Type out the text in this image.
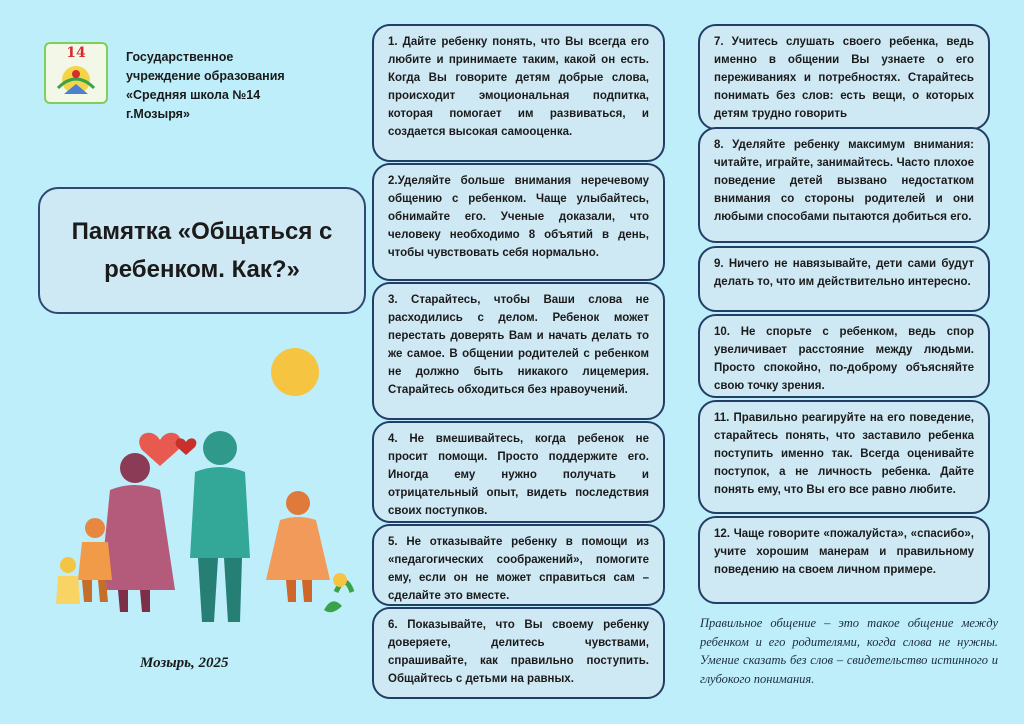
14	Государственное
учреждение образования
«Средняя школа №14
г.Мозыря»
Памятка «Общаться с ребенком. Как?»
Мозырь, 2025
1. Дайте ребенку понять, что Вы всегда его любите и принимаете таким, какой он есть. Когда Вы говорите детям добрые слова, происходит эмоциональная подпитка, которая помогает им развиваться, и создается высокая самооценка.
2.Уделяйте больше внимания неречевому общению с ребенком. Чаще улыбайтесь, обнимайте его. Ученые доказали, что человеку необходимо 8 объятий в день, чтобы чувствовать себя нормально.
3. Старайтесь, чтобы Ваши слова не расходились с делом. Ребенок может перестать доверять Вам и начать делать то же самое. В общении родителей с ребенком не должно быть никакого лицемерия. Старайтесь обходиться без нравоучений.
4. Не вмешивайтесь, когда ребенок не просит помощи. Просто поддержите его. Иногда ему нужно получать и отрицательный опыт, видеть последствия своих поступков.
5. Не отказывайте ребенку в помощи из «педагогических соображений», помогите ему, если он не может справиться сам – сделайте это вместе.
6. Показывайте, что Вы своему ребенку доверяете, делитесь чувствами, спрашивайте, как правильно поступить. Общайтесь с детьми на равных.
7. Учитесь слушать своего ребенка, ведь именно в общении Вы узнаете о его переживаниях и потребностях. Старайтесь понимать без слов: есть вещи, о которых детям трудно говорить
8. Уделяйте ребенку максимум внимания: читайте, играйте, занимайтесь. Часто плохое поведение детей вызвано недостатком внимания со стороны родителей и они любыми способами пытаются добиться его.
9. Ничего не навязывайте, дети сами будут делать то, что им действительно интересно.
10. Не спорьте с ребенком, ведь спор увеличивает расстояние между людьми. Просто спокойно, по-доброму объясняйте свою точку зрения.
11. Правильно реагируйте на его поведение, старайтесь понять, что заставило ребенка поступить именно так. Всегда оценивайте поступок, а не личность ребенка. Дайте понять ему, что Вы его все равно любите.
12. Чаще говорите «пожалуйста», «спасибо», учите хорошим манерам и правильному поведению на своем личном примере.
Правильное общение – это такое общение между ребенком и его родителями, когда слова не нужны. Умение сказать без слов – свидетельство истинного и глубокого понимания.
